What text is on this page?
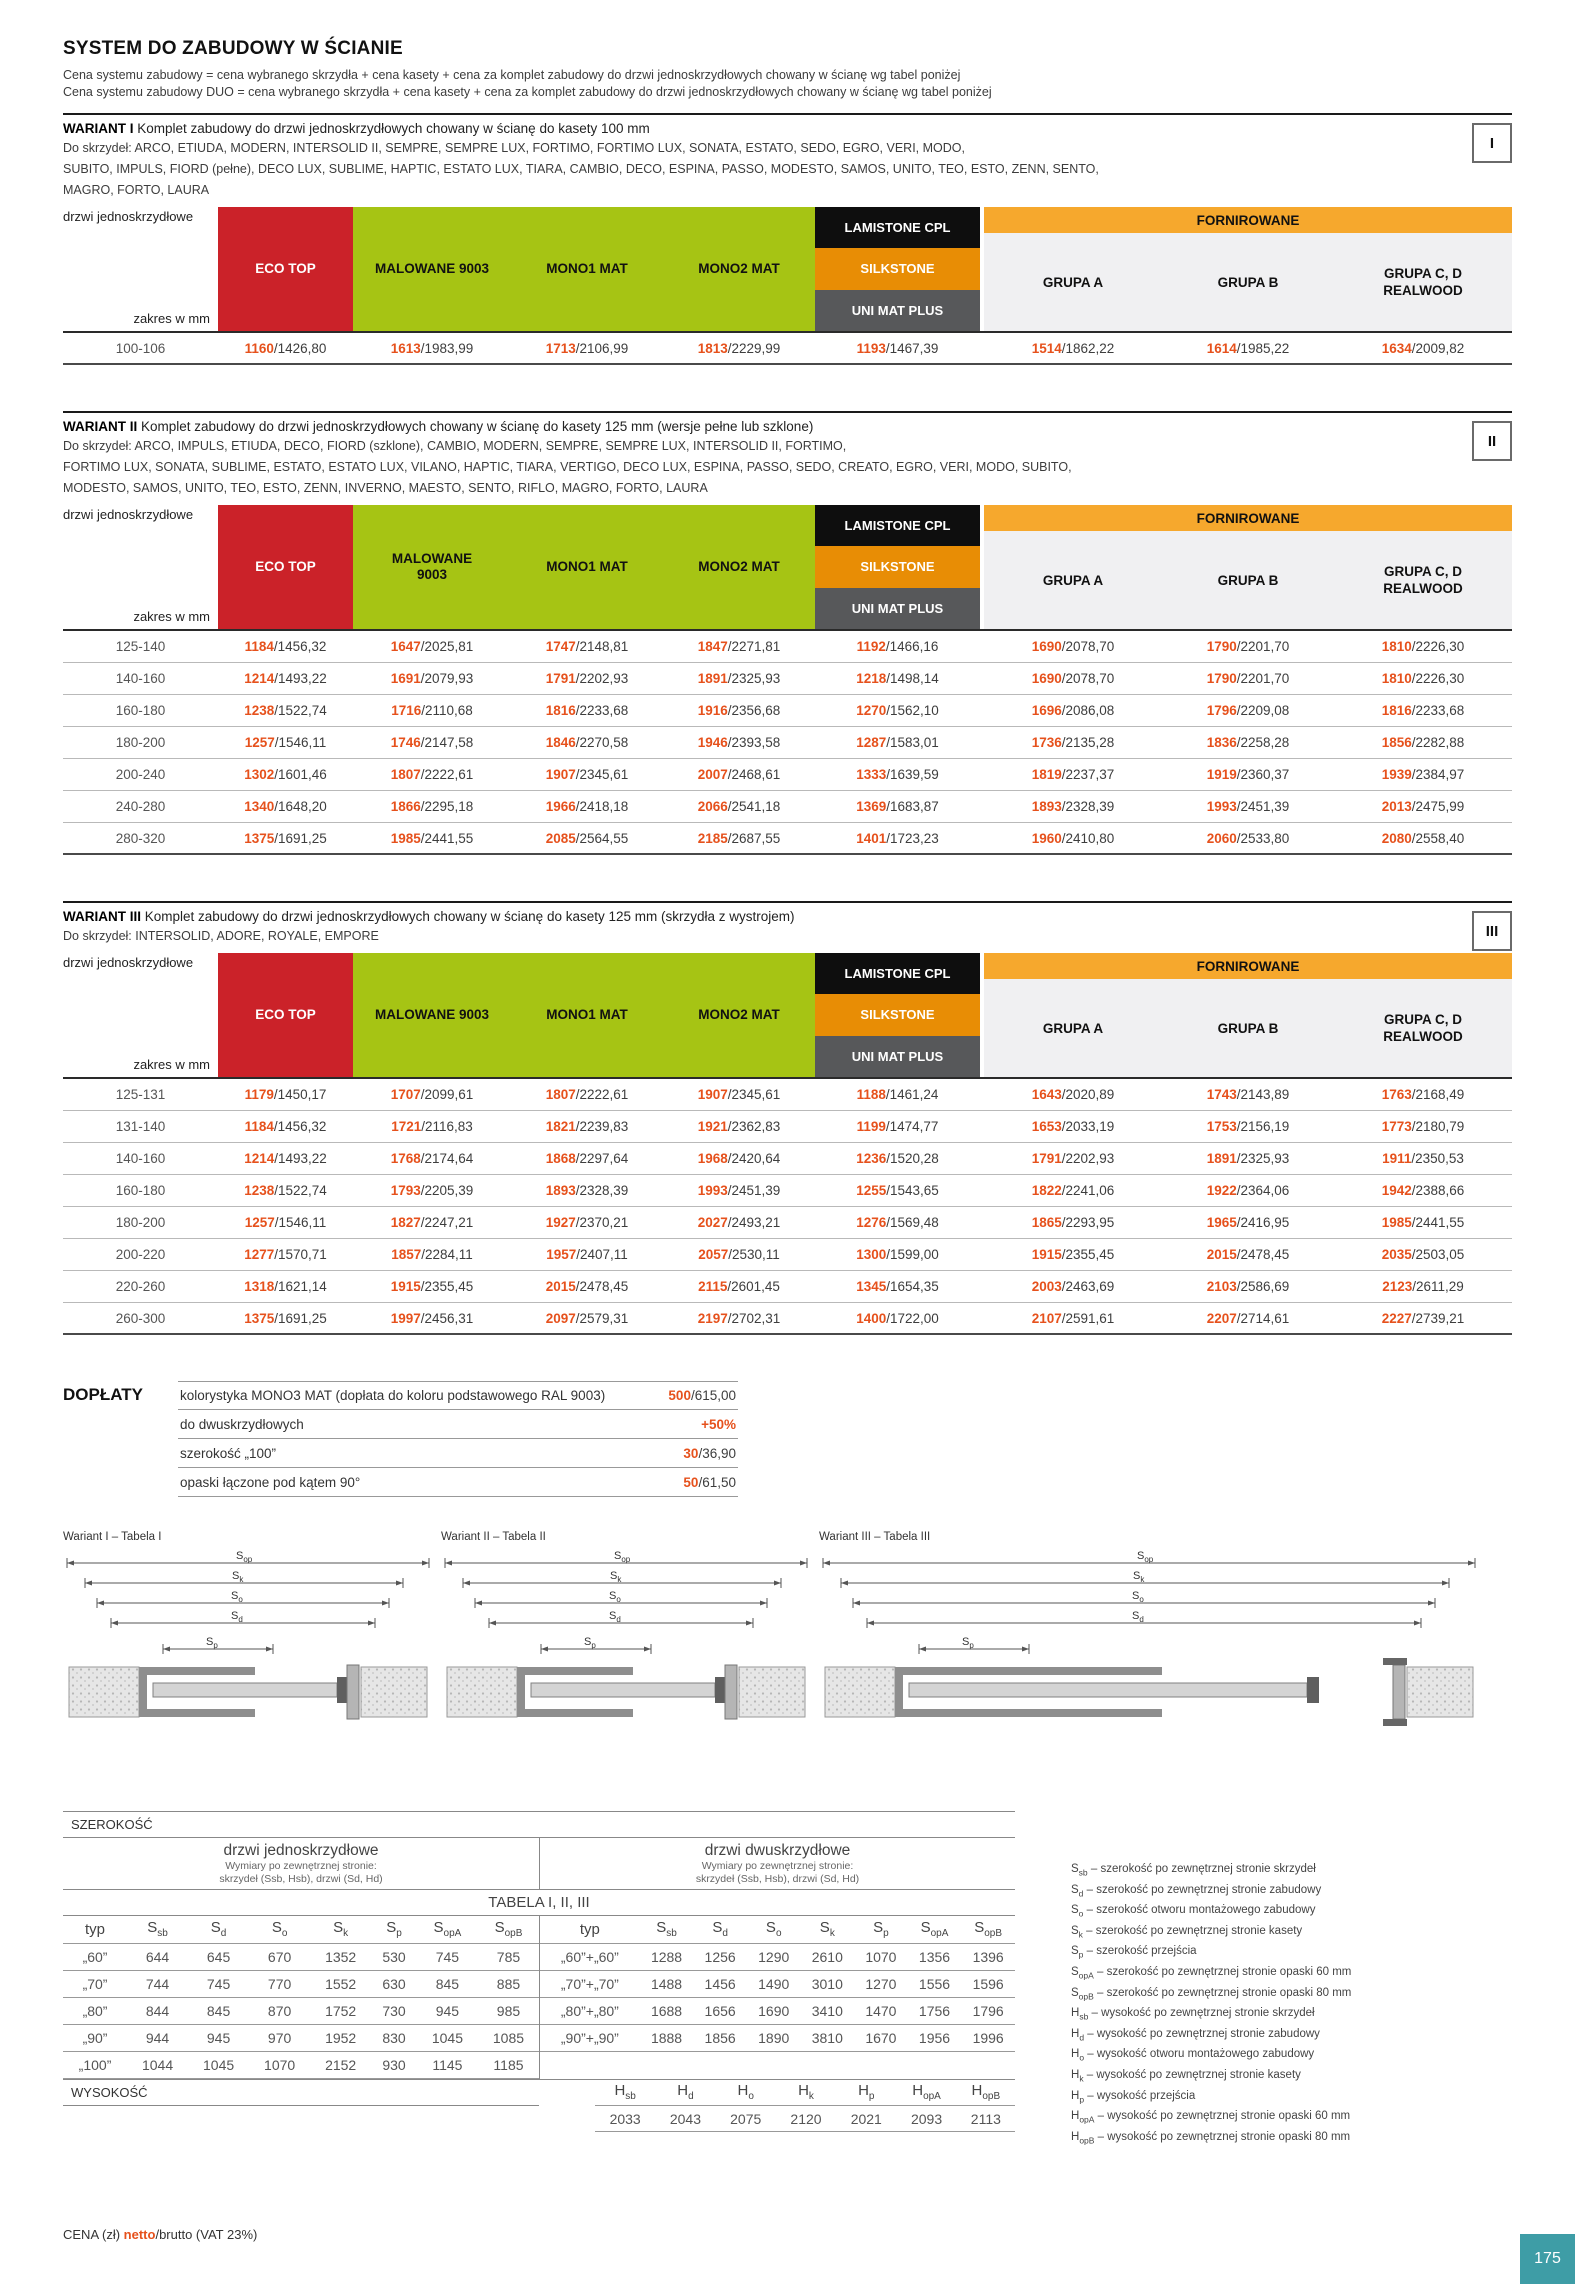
SYSTEM DO ZABUDOWY W ŚCIANIE

Cena systemu zabudowy = cena wybranego skrzydła + cena kasety + cena za komplet zabudowy do drzwi jednoskrzydłowych chowany w ścianę wg tabel poniżej

Cena systemu zabudowy DUO = cena wybranego skrzydła + cena kasety + cena za komplet zabudowy do drzwi jednoskrzydłowych chowany w ścianę wg tabel poniżej

WARIANT I Komplet zabudowy do drzwi jednoskrzydłowych chowany w ścianę do kasety 100 mm
I
Do skrzydeł: ARCO, ETIUDA, MODERN, INTERSOLID II, SEMPRE, SEMPRE LUX, FORTIMO, FORTIMO LUX, SONATA, ESTATO, SEDO, EGRO, VERI, MODO,
SUBITO, IMPULS, FIORD (pełne), DECO LUX, SUBLIME, HAPTIC, ESTATO LUX, TIARA, CAMBIO, DECO, ESPINA, PASSO, MODESTO, SAMOS, UNITO, TEO, ESTO, ZENN, SENTO,
MAGRO, FORTO, LAURA
drzwi jednoskrzydłowe
zakres w mm
ECO TOP	MALOWANE 9003	MONO1 MAT	MONO2 MAT
LAMISTONE CPL
SILKSTONE
UNI MAT PLUS
FORNIROWANE
GRUPA A	GRUPA B
GRUPA C, D
REALWOOD
100-106	1160 /1426,80	1613 /1983,99	1713 /2106,99	1813 /2229,99	1193 /1467,39	1514 /1862,22	1614 /1985,22	1634 /2009,82
WARIANT II Komplet zabudowy do drzwi jednoskrzydłowych chowany w ścianę do kasety 125 mm (wersje pełne lub szklone)
II
Do skrzydeł: ARCO, IMPULS, ETIUDA, DECO, FIORD (szklone), CAMBIO, MODERN, SEMPRE, SEMPRE LUX, INTERSOLID II, FORTIMO,
FORTIMO LUX, SONATA, SUBLIME, ESTATO, ESTATO LUX, VILANO, HAPTIC, TIARA, VERTIGO, DECO LUX, ESPINA, PASSO, SEDO, CREATO, EGRO, VERI, MODO, SUBITO,
MODESTO, SAMOS, UNITO, TEO, ESTO, ZENN, INVERNO, MAESTO, SENTO, RIFLO, MAGRO, FORTO, LAURA
drzwi jednoskrzydłowe
zakres w mm
ECO TOP
MALOWANE
9003
MONO1 MAT	MONO2 MAT
LAMISTONE CPL
SILKSTONE
UNI MAT PLUS
FORNIROWANE
GRUPA A	GRUPA B
GRUPA C, D
REALWOOD
125-140	1184 /1456,32	1647 /2025,81	1747 /2148,81	1847 /2271,81	1192 /1466,16	1690 /2078,70	1790 /2201,70	1810 /2226,30
140-160	1214 /1493,22	1691 /2079,93	1791 /2202,93	1891 /2325,93	1218 /1498,14	1690 /2078,70	1790 /2201,70	1810 /2226,30
160-180	1238 /1522,74	1716 /2110,68	1816 /2233,68	1916 /2356,68	1270 /1562,10	1696 /2086,08	1796 /2209,08	1816 /2233,68
180-200	1257 /1546,11	1746 /2147,58	1846 /2270,58	1946 /2393,58	1287 /1583,01	1736 /2135,28	1836 /2258,28	1856 /2282,88
200-240	1302 /1601,46	1807 /2222,61	1907 /2345,61	2007 /2468,61	1333 /1639,59	1819 /2237,37	1919 /2360,37	1939 /2384,97
240-280	1340 /1648,20	1866 /2295,18	1966 /2418,18	2066 /2541,18	1369 /1683,87	1893 /2328,39	1993 /2451,39	2013 /2475,99
280-320	1375 /1691,25	1985 /2441,55	2085 /2564,55	2185 /2687,55	1401 /1723,23	1960 /2410,80	2060 /2533,80	2080 /2558,40
WARIANT III Komplet zabudowy do drzwi jednoskrzydłowych chowany w ścianę do kasety 125 mm (skrzydła z wystrojem)
III
Do skrzydeł: INTERSOLID, ADORE, ROYALE, EMPORE
drzwi jednoskrzydłowe
zakres w mm
ECO TOP	MALOWANE 9003	MONO1 MAT	MONO2 MAT
LAMISTONE CPL
SILKSTONE
UNI MAT PLUS
FORNIROWANE
GRUPA A	GRUPA B
GRUPA C, D
REALWOOD
125-131	1179 /1450,17	1707 /2099,61	1807 /2222,61	1907 /2345,61	1188 /1461,24	1643 /2020,89	1743 /2143,89	1763 /2168,49
131-140	1184 /1456,32	1721 /2116,83	1821 /2239,83	1921 /2362,83	1199 /1474,77	1653 /2033,19	1753 /2156,19	1773 /2180,79
140-160	1214 /1493,22	1768 /2174,64	1868 /2297,64	1968 /2420,64	1236 /1520,28	1791 /2202,93	1891 /2325,93	1911 /2350,53
160-180	1238 /1522,74	1793 /2205,39	1893 /2328,39	1993 /2451,39	1255 /1543,65	1822 /2241,06	1922 /2364,06	1942 /2388,66
180-200	1257 /1546,11	1827 /2247,21	1927 /2370,21	2027 /2493,21	1276 /1569,48	1865 /2293,95	1965 /2416,95	1985 /2441,55
200-220	1277 /1570,71	1857 /2284,11	1957 /2407,11	2057 /2530,11	1300 /1599,00	1915 /2355,45	2015 /2478,45	2035 /2503,05
220-260	1318 /1621,14	1915 /2355,45	2015 /2478,45	2115 /2601,45	1345 /1654,35	2003 /2463,69	2103 /2586,69	2123 /2611,29
260-300	1375 /1691,25	1997 /2456,31	2097 /2579,31	2197 /2702,31	1400 /1722,00	2107 /2591,61	2207 /2714,61	2227 /2739,21
DOPŁATY	kolorystyka MONO3 MAT (dopłata do koloru podstawowego RAL 9003)	500/615,00
do dwuskrzydłowych	+50%
szerokość „100”	30/36,90
opaski łączone pod kątem 90°	50/61,50
Wariant I – Tabela I
$S_{op}$
$S_k$
$S_o$
$S_d$
$S_p$
Wariant II – Tabela II
$S_{op}$
$S_k$
$S_o$
$S_d$
$S_p$
Wariant III – Tabela III
$S_{op}$
$S_k$
$S_o$
$S_d$
$S_p$
SZEROKOŚĆ
drzwi jednoskrzydłowe
Wymiary po zewnętrznej stronie:
skrzydeł (Ssb, Hsb), drzwi (Sd, Hd)
drzwi dwuskrzydłowe
Wymiary po zewnętrznej stronie:
skrzydeł (Ssb, Hsb), drzwi (Sd, Hd)
TABELA I, II, III
typ	$S_{sb}$	$S_d$	$S_o$	$S_k$	$S_p$	$S_{opA}$	$S_{opB}$
„60”	644	645	670	1352	530	745	785
„70”	744	745	770	1552	630	845	885
„80”	844	845	870	1752	730	945	985
„90”	944	945	970	1952	830	1045	1085
„100”	1044	1045	1070	2152	930	1145	1185
typ	$S_{sb}$	$S_d$	$S_o$	$S_k$	$S_p$	$S_{opA}$	$S_{opB}$
„60”+„60”	1288	1256	1290	2610	1070	1356	1396
„70”+„70”	1488	1456	1490	3010	1270	1556	1596
„80”+„80”	1688	1656	1690	3410	1470	1756	1796
„90”+„90”	1888	1856	1890	3810	1670	1956	1996
WYSOKOŚĆ	$H_{sb}$	$H_d$	$H_o$	$H_k$	$H_p$	$H_{opA}$	$H_{opB}$
2033	2043	2075	2120	2021	2093	2113
$S_{sb}$ – szerokość po zewnętrznej stronie skrzydeł
$S_d$ – szerokość po zewnętrznej stronie zabudowy
$S_o$ – szerokość otworu montażowego zabudowy
$S_k$ – szerokość po zewnętrznej stronie kasety
$S_p$ – szerokość przejścia
$S_{opA}$ – szerokość po zewnętrznej stronie opaski 60 mm
$S_{opB}$ – szerokość po zewnętrznej stronie opaski 80 mm
$H_{sb}$ – wysokość po zewnętrznej stronie skrzydeł
$H_d$ – wysokość po zewnętrznej stronie zabudowy
$H_o$ – wysokość otworu montażowego zabudowy
$H_k$ – wysokość po zewnętrznej stronie kasety
$H_p$ – wysokość przejścia
$H_{opA}$ – wysokość po zewnętrznej stronie opaski 60 mm
$H_{opB}$ – wysokość po zewnętrznej stronie opaski 80 mm
CENA (zł) netto/brutto (VAT 23%)
175
